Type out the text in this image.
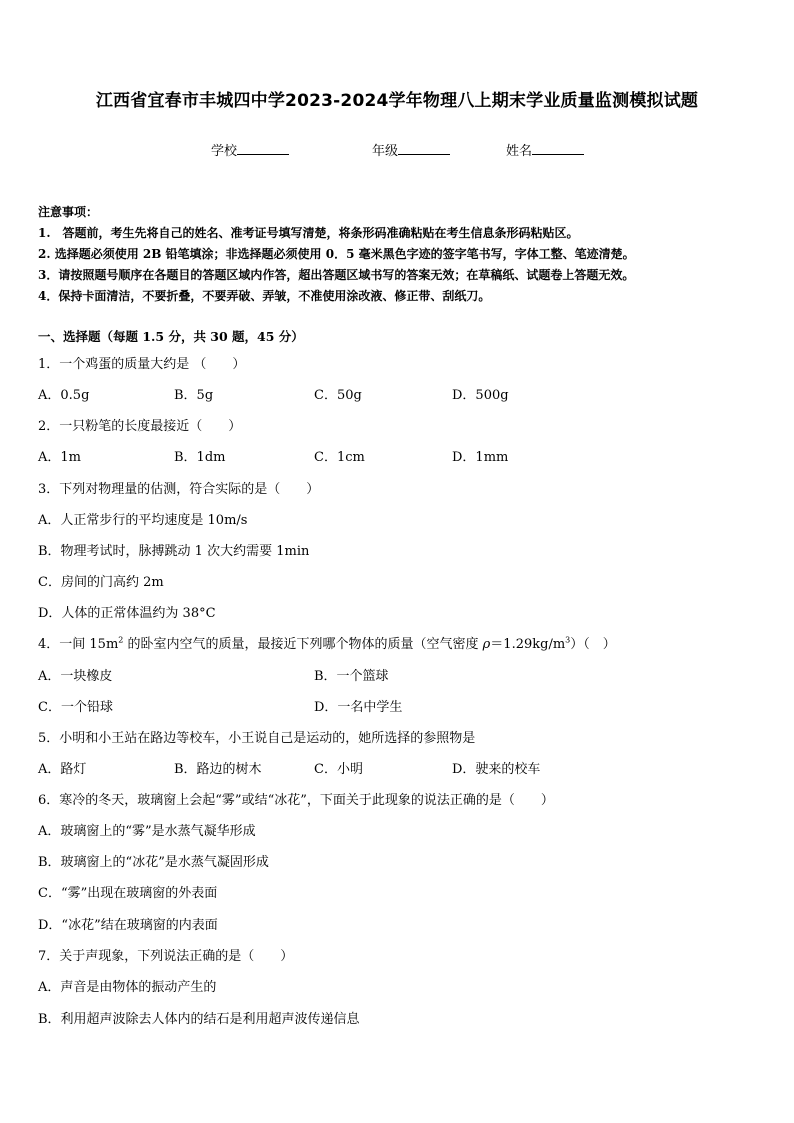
江西省宜春市丰城四中学2023-2024学年物理八上期末学业质量监测模拟试题
学校	年级	姓名
注意事项：
1.　答题前，考生先将自己的姓名、准考证号填写清楚，将条形码准确粘贴在考生信息条形码粘贴区。
2. 选择题必须使用 2B 铅笔填涂；非选择题必须使用 0．5 毫米黑色字迹的签字笔书写，字体工整、笔迹清楚。
3．请按照题号顺序在各题目的答题区域内作答，超出答题区域书写的答案无效；在草稿纸、试题卷上答题无效。
4．保持卡面清洁，不要折叠，不要弄破、弄皱，不准使用涂改液、修正带、刮纸刀。
一、选择题（每题 1.5 分，共 30 题，45 分）
1．一个鸡蛋的质量大约是 （　　）
A．0.5g	B．5g	C．50g	D．500g
2．一只粉笔的长度最接近（　　）
A．1m	B．1dm	C．1cm	D．1mm
3．下列对物理量的估测，符合实际的是（　　）
A．人正常步行的平均速度是 10m/s
B．物理考试时，脉搏跳动 1 次大约需要 1min
C．房间的门高约 2m
D．人体的正常体温约为 38°C
4．一间 $15m^2$ 的卧室内空气的质量，最接近下列哪个物体的质量（空气密度 $\rho=1.29kg/m^3$）（　）
A．一块橡皮	B．一个篮球
C．一个铅球	D．一名中学生
5．小明和小王站在路边等校车，小王说自己是运动的，她所选择的参照物是
A．路灯	B．路边的树木	C．小明	D．驶来的校车
6．寒冷的冬天，玻璃窗上会起“雾”或结“冰花”，下面关于此现象的说法正确的是（　　）
A．玻璃窗上的“雾”是水蒸气凝华形成
B．玻璃窗上的“冰花”是水蒸气凝固形成
C．“雾”出现在玻璃窗的外表面
D．“冰花”结在玻璃窗的内表面
7．关于声现象，下列说法正确的是（　　）
A．声音是由物体的振动产生的
B．利用超声波除去人体内的结石是利用超声波传递信息
